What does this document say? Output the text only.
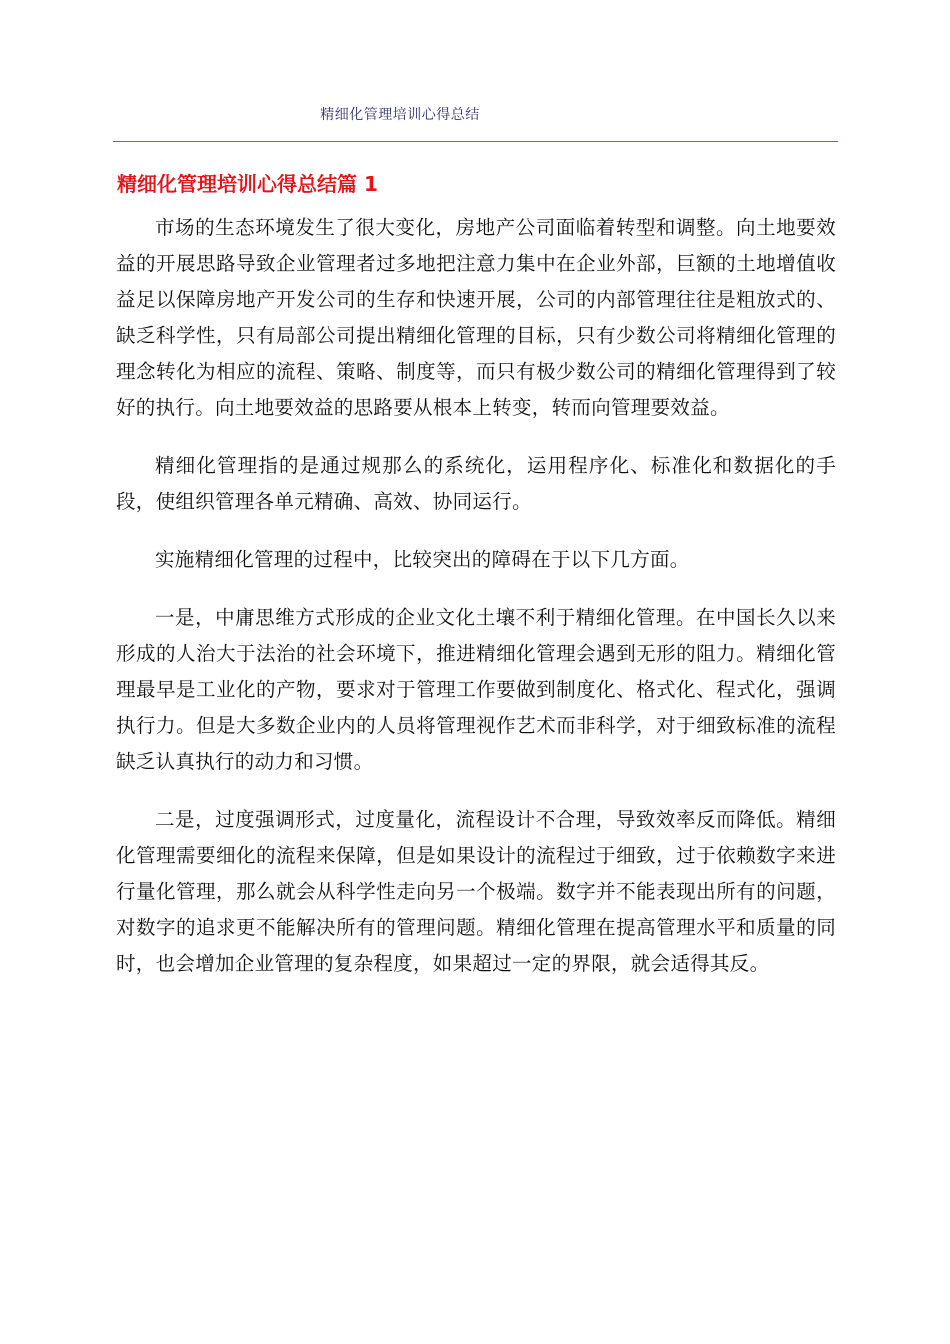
精细化管理培训心得总结
精细化管理培训心得总结篇 1

市场的生态环境发生了很大变化，房地产公司面临着转型和调整。向土地要效益的开展思路导致企业管理者过多地把注意力集中在企业外部，巨额的土地增值收益足以保障房地产开发公司的生存和快速开展，公司的内部管理往往是粗放式的、缺乏科学性，只有局部公司提出精细化管理的目标，只有少数公司将精细化管理的理念转化为相应的流程、策略、制度等，而只有极少数公司的精细化管理得到了较好的执行。向土地要效益的思路要从根本上转变，转而向管理要效益。

精细化管理指的是通过规那么的系统化，运用程序化、标准化和数据化的手段，使组织管理各单元精确、高效、协同运行。

实施精细化管理的过程中，比较突出的障碍在于以下几方面。

一是，中庸思维方式形成的企业文化土壤不利于精细化管理。在中国长久以来形成的人治大于法治的社会环境下，推进精细化管理会遇到无形的阻力。精细化管理最早是工业化的产物，要求对于管理工作要做到制度化、格式化、程式化，强调执行力。但是大多数企业内的人员将管理视作艺术而非科学，对于细致标准的流程缺乏认真执行的动力和习惯。

二是，过度强调形式，过度量化，流程设计不合理，导致效率反而降低。精细化管理需要细化的流程来保障，但是如果设计的流程过于细致，过于依赖数字来进行量化管理，那么就会从科学性走向另一个极端。数字并不能表现出所有的问题，对数字的追求更不能解决所有的管理问题。精细化管理在提高管理水平和质量的同时，也会增加企业管理的复杂程度，如果超过一定的界限，就会适得其反。
